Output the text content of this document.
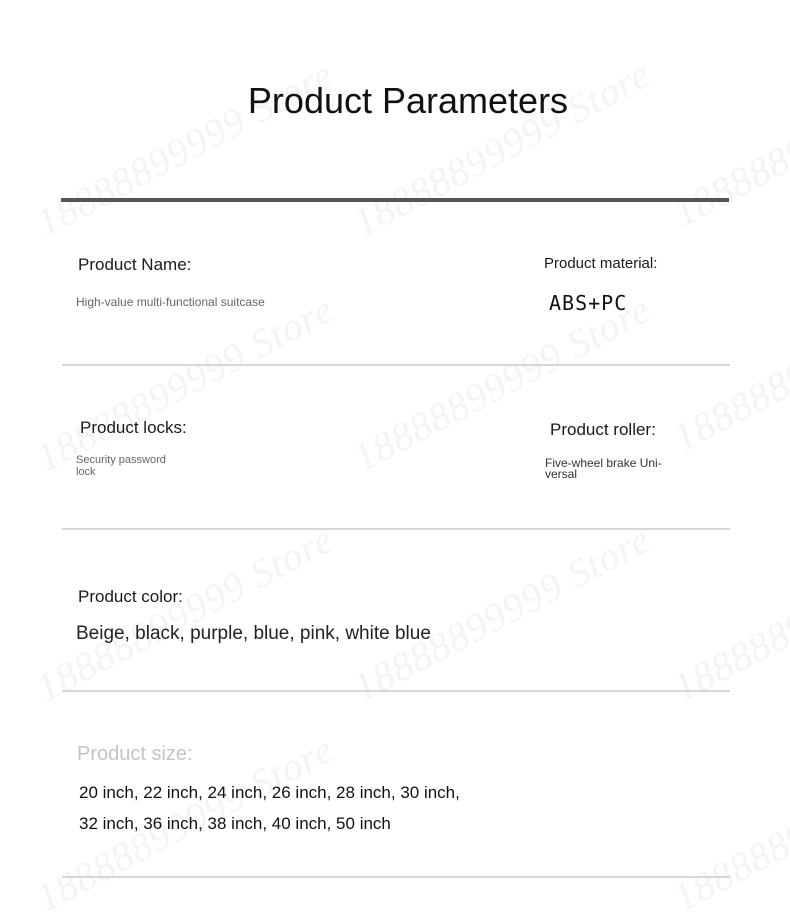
Product Parameters
Product Name:
High-value multi-functional suitcase
Product material:
ABS+PC
Product locks:
Security password
lock
Product roller:
Five-wheel brake Uni-
versal
Product color:
Beige, black, purple, blue, pink, white blue
Product size:
20 inch, 22 inch, 24 inch, 26 inch, 28 inch, 30 inch,
32 inch, 36 inch, 38 inch, 40 inch, 50 inch
